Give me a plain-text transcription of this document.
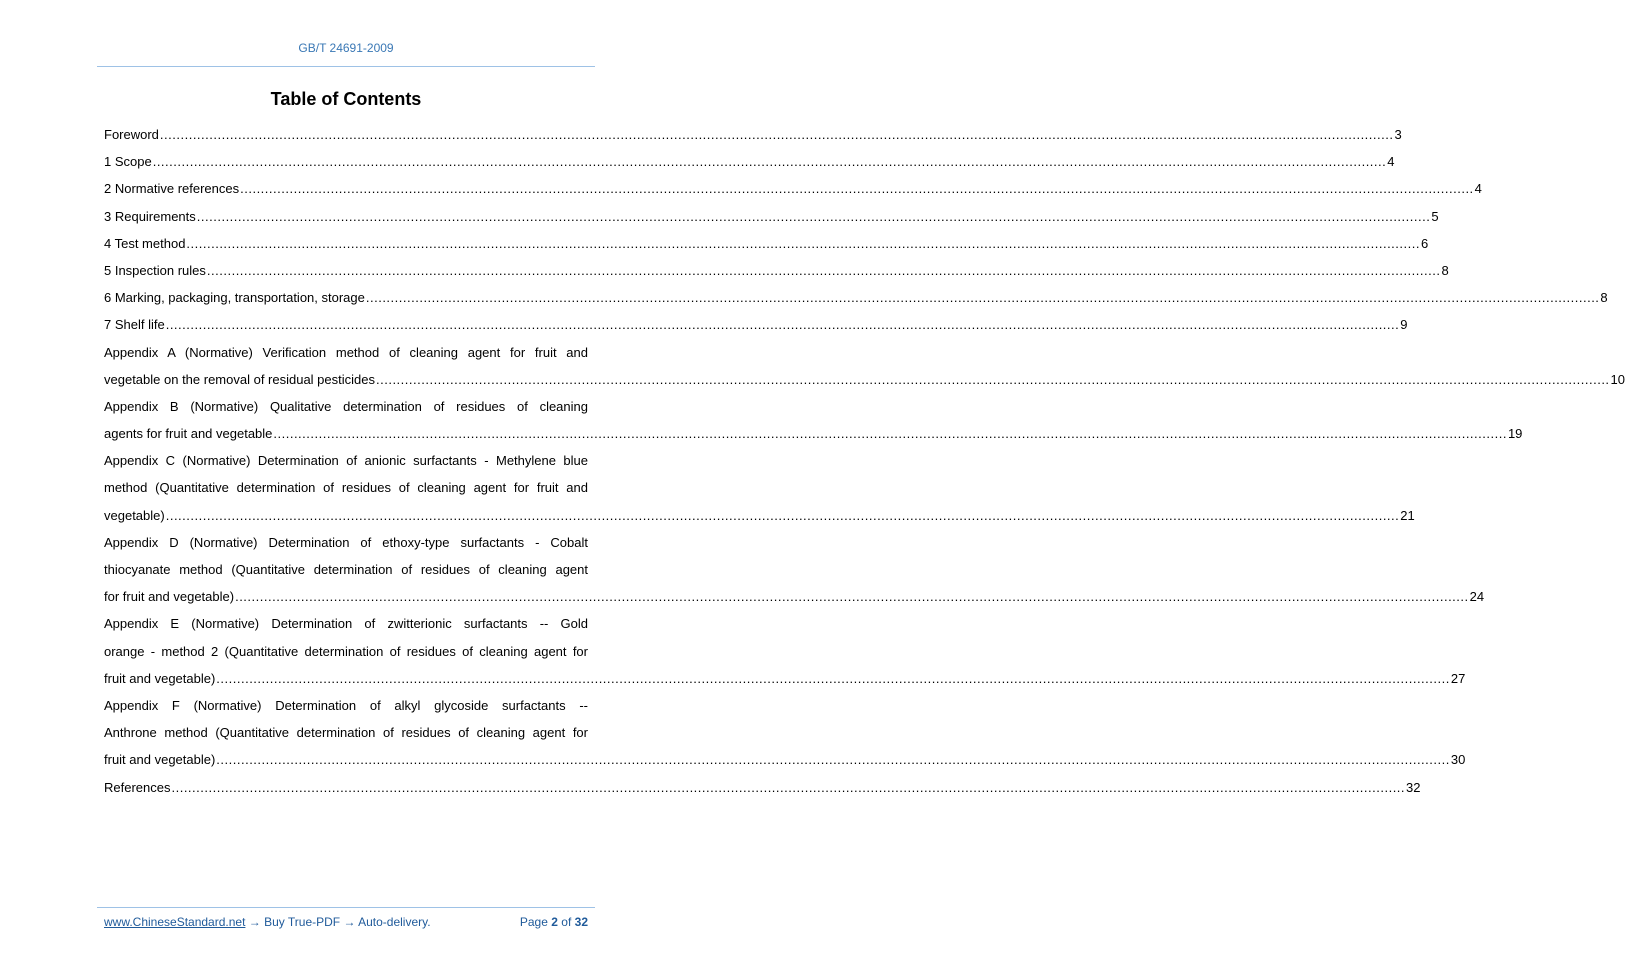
GB/T 24691-2009
Table of Contents
Foreword ............................................................................................................................................................................................................................................................................................................ 3
1 Scope ............................................................................................................................................................................................................................................................................................................ 4
2 Normative references ............................................................................................................................................................................................................................................................................................................ 4
3 Requirements ............................................................................................................................................................................................................................................................................................................ 5
4 Test method ............................................................................................................................................................................................................................................................................................................ 6
5 Inspection rules ............................................................................................................................................................................................................................................................................................................ 8
6 Marking, packaging, transportation, storage ............................................................................................................................................................................................................................................................................................................ 8
7 Shelf life ............................................................................................................................................................................................................................................................................................................ 9
Appendix A (Normative) Verification method of cleaning agent for fruit and
vegetable on the removal of residual pesticides ............................................................................................................................................................................................................................................................................................................ 10
Appendix B (Normative) Qualitative determination of residues of cleaning
agents for fruit and vegetable ............................................................................................................................................................................................................................................................................................................ 19
Appendix C (Normative) Determination of anionic surfactants - Methylene blue
method (Quantitative determination of residues of cleaning agent for fruit and
vegetable) ............................................................................................................................................................................................................................................................................................................ 21
Appendix D (Normative) Determination of ethoxy-type surfactants - Cobalt
thiocyanate method (Quantitative determination of residues of cleaning agent
for fruit and vegetable) ............................................................................................................................................................................................................................................................................................................ 24
Appendix E (Normative) Determination of zwitterionic surfactants -- Gold
orange - method 2 (Quantitative determination of residues of cleaning agent for
fruit and vegetable) ............................................................................................................................................................................................................................................................................................................ 27
Appendix F (Normative) Determination of alkyl glycoside surfactants --
Anthrone method (Quantitative determination of residues of cleaning agent for
fruit and vegetable) ............................................................................................................................................................................................................................................................................................................ 30
References ............................................................................................................................................................................................................................................................................................................ 32
www.ChineseStandard.net → Buy True-PDF → Auto-delivery.	Page 2 of 32
